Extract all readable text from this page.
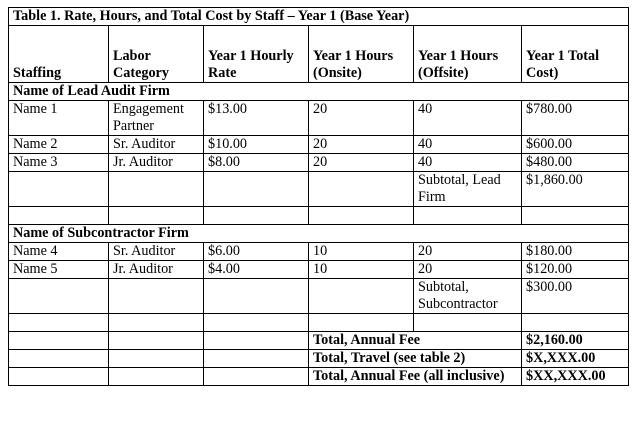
Table 1. Rate, Hours, and Total Cost by Staff – Year 1 (Base Year)					
Staffing	Labor Category	Year 1 Hourly Rate	Year 1 Hours (Onsite)	Year 1 Hours (Offsite)	Year 1 Total Cost)
Name of Lead Audit Firm					
Name 1	Engagement Partner	$13.00	20	40	$780.00
Name 2	Sr. Auditor	$10.00	20	40	$600.00
Name 3	Jr. Auditor	$8.00	20	40	$480.00
				Subtotal, Lead Firm	$1,860.00

Name of Subcontractor Firm					
Name 4	Sr. Auditor	$6.00	10	20	$180.00
Name 5	Jr. Auditor	$4.00	10	20	$120.00
				Subtotal, Subcontractor	$300.00

			Total, Annual Fee		$2,160.00
			Total, Travel (see table 2)		$X,XXX.00
			Total, Annual Fee (all inclusive)		$XX,XXX.00
